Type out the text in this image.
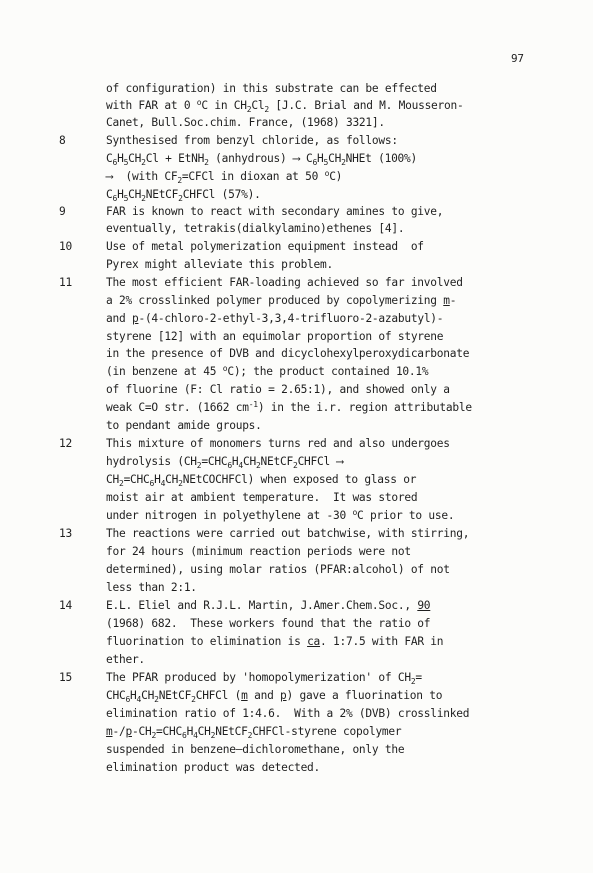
97
of configuration) in this substrate can be effected
with FAR at 0 $^o$C in $CH_2Cl_2$ [J.C. Brial and M. Mousseron-
Canet, Bull.Soc.chim. France, (1968) 3321].
8	Synthesised from benzyl chloride, as follows:
$C_6H_5CH_2Cl$ + EtNH$_2$ (anhydrous) ⟶ $C_6H_5CH_2NHEt$ (100%)
⟶  (with $CF_2=CFCl$ in dioxan at 50 $^o$C)
$C_6H_5CH_2NEtCF_2CHFCl$ (57%).
9	FAR is known to react with secondary amines to give,
eventually, tetrakis(dialkylamino)ethenes [4].
10	Use of metal polymerization equipment instead  of
Pyrex might alleviate this problem.
11	The most efficient FAR-loading achieved so far involved
a 2% crosslinked polymer produced by copolymerizing m-
and p-(4-chloro-2-ethyl-3,3,4-trifluoro-2-azabutyl)-
styrene [12] with an equimolar proportion of styrene
in the presence of DVB and dicyclohexylperoxydicarbonate
(in benzene at 45 $^o$C); the product contained 10.1%
of fluorine (F: Cl ratio = 2.65:1), and showed only a
weak C=O str. (1662 $cm^{-1}$) in the i.r. region attributable
to pendant amide groups.
12	This mixture of monomers turns red and also undergoes
hydrolysis ($CH_2=CHC_6H_4CH_2NEtCF_2CHFCl$ ⟶
$CH_2=CHC_6H_4CH_2NEtCOCHFCl$) when exposed to glass or
moist air at ambient temperature.  It was stored
under nitrogen in polyethylene at -30 $^o$C prior to use.
13	The reactions were carried out batchwise, with stirring,
for 24 hours (minimum reaction periods were not
determined), using molar ratios (PFAR:alcohol) of not
less than 2:1.
14	E.L. Eliel and R.J.L. Martin, J.Amer.Chem.Soc., 90
(1968) 682.  These workers found that the ratio of
fluorination to elimination is ca. 1:7.5 with FAR in
ether.
15	The PFAR produced by 'homopolymerization' of $CH_2=$
$CHC_6H_4CH_2NEtCF_2CHFCl$ (m and p) gave a fluorination to
elimination ratio of 1:4.6.  With a 2% (DVB) crosslinked
$m-/p-CH_2=CHC_6H_4CH_2NEtCF_2CHFCl$-styrene copolymer
suspended in benzene—dichloromethane, only the
elimination product was detected.
